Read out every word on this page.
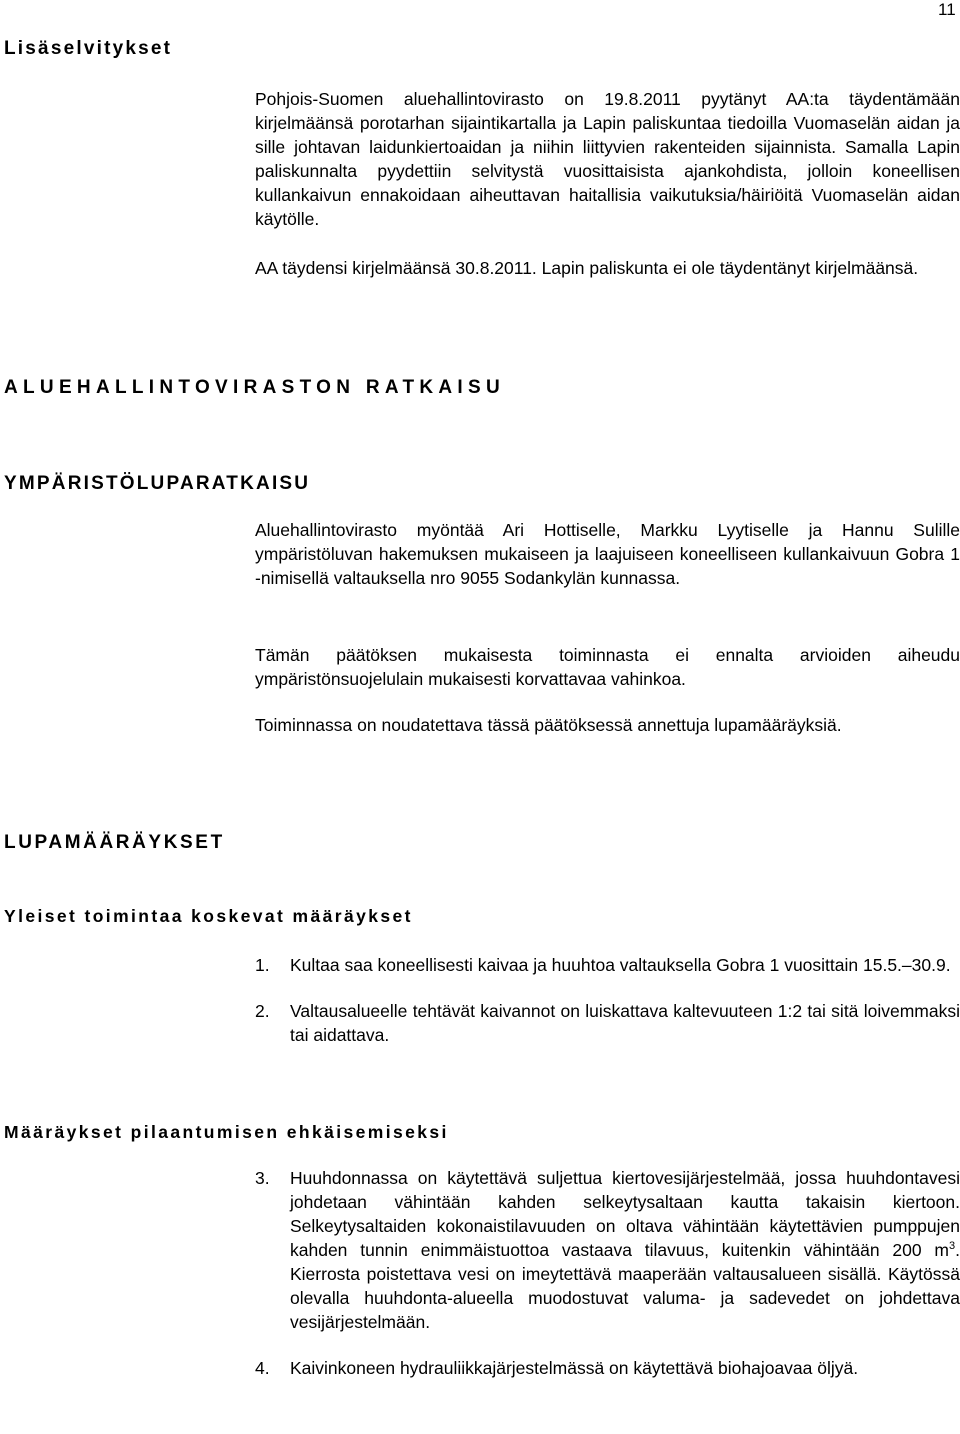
11
Lisäselvitykset
Pohjois-Suomen aluehallintovirasto on 19.8.2011 pyytänyt AA:ta täydentämään kirjelmäänsä porotarhan sijaintikartalla ja Lapin paliskuntaa tiedoilla Vuomaselän aidan ja sille johtavan laidunkiertoaidan ja niihin liittyvien rakenteiden sijainnista. Samalla Lapin paliskunnalta pyydettiin selvitystä vuosittaisista ajankohdista, jolloin koneellisen kullankaivun ennakoidaan aiheuttavan haitallisia vaikutuksia/häiriöitä Vuomaselän aidan käytölle.
AA täydensi kirjelmäänsä 30.8.2011. Lapin paliskunta ei ole täydentänyt kirjelmäänsä.
ALUEHALLINTOVIRASTON RATKAISU
YMPÄRISTÖLUPARATKAISU
Aluehallintovirasto myöntää Ari Hottiselle, Markku Lyytiselle ja Hannu Sulille ympäristöluvan hakemuksen mukaiseen ja laajuiseen koneelliseen kullankaivuun Gobra 1 -nimisellä valtauksella nro 9055 Sodankylän kunnassa.
Tämän päätöksen mukaisesta toiminnasta ei ennalta arvioiden aiheudu ympäristönsuojelulain mukaisesti korvattavaa vahinkoa.
Toiminnassa on noudatettava tässä päätöksessä annettuja lupamääräyksiä.
LUPAMÄÄRÄYKSET
Yleiset toimintaa koskevat määräykset
1. Kultaa saa koneellisesti kaivaa ja huuhtoa valtauksella Gobra 1 vuosittain 15.5.–30.9.
2. Valtausalueelle tehtävät kaivannot on luiskattava kaltevuuteen 1:2 tai sitä loivemmaksi tai aidattava.
Määräykset pilaantumisen ehkäisemiseksi
3. Huuhdonnassa on käytettävä suljettua kiertovesijärjestelmää, jossa huuhdontavesi johdetaan vähintään kahden selkeytysaltaan kautta takaisin kiertoon. Selkeytysaltaiden kokonaistilavuuden on oltava vähintään käytettävien pumppujen kahden tunnin enimmäistuottoa vastaava tilavuus, kuitenkin vähintään 200 $m^3$. Kierrosta poistettava vesi on imeytettävä maaperään valtausalueen sisällä. Käytössä olevalla huuhdonta-alueella muodostuvat valuma- ja sadevedet on johdettava vesijärjestelmään.
4. Kaivinkoneen hydrauliikkajärjestelmässä on käytettävä biohajoavaa öljyä.
